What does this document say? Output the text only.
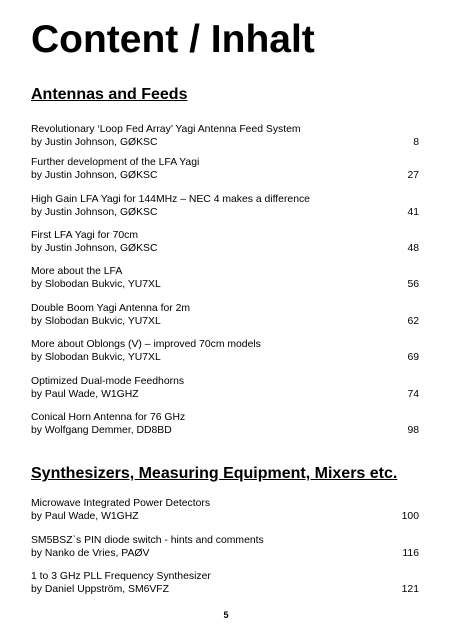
Content / Inhalt
Antennas and Feeds
Revolutionary ‘Loop Fed Array’ Yagi Antenna Feed System
by Justin Johnson, GØKSC	8
Further development of the LFA Yagi
by Justin Johnson, GØKSC	27
High Gain LFA Yagi for 144MHz – NEC 4 makes a difference
by Justin Johnson, GØKSC	41
First LFA Yagi for 70cm
by Justin Johnson, GØKSC	48
More about the LFA
by Slobodan Bukvic, YU7XL	56
Double Boom Yagi Antenna for 2m
by Slobodan Bukvic, YU7XL	62
More about Oblongs (V) – improved 70cm models
by Slobodan Bukvic, YU7XL	69
Optimized Dual-mode Feedhorns
by Paul Wade, W1GHZ	74
Conical Horn Antenna for 76 GHz
by Wolfgang Demmer, DD8BD	98
Synthesizers, Measuring Equipment, Mixers etc.
Microwave Integrated Power Detectors
by Paul Wade, W1GHZ	100
SM5BSZ`s PIN diode switch - hints and comments
by Nanko de Vries, PAØV	116
1 to 3 GHz PLL Frequency Synthesizer
by Daniel Uppström, SM6VFZ	121
5
